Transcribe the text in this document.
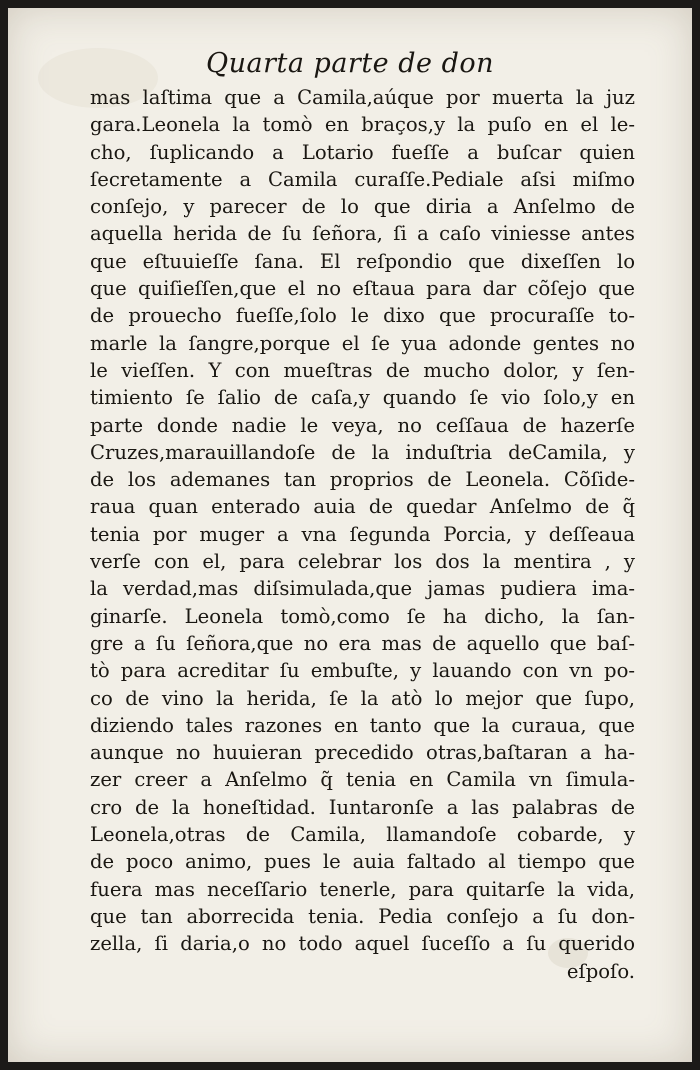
Quarta parte de don
mas laſtima que a Camila,aúque por muerta la juz
gara.Leonela la tomò en braços,y la puſo en el le-
cho, ſuplicando a Lotario fueſſe a buſcar quien
ſecretamente a Camila curaſſe.Pediale aſsi miſmo
conſejo, y parecer de lo que diria a Anſelmo de
aquella herida de ſu ſeñora, ſi a caſo viniesse antes
que eſtuuieſſe ſana. El reſpondio que dixeſſen lo
que quiſieſſen,que el no eſtaua para dar cõſejo que
de prouecho fueſſe,ſolo le dixo que procuraſſe to-
marle la ſangre,porque el ſe yua adonde gentes no
le vieſſen. Y con mueſtras de mucho dolor, y ſen-
timiento ſe ſalio de caſa,y quando ſe vio ſolo,y en
parte donde nadie le veya, no ceſſaua de hazerſe
Cruzes,marauillandoſe de la induſtria deCamila, y
de los ademanes tan proprios de Leonela. Cõſide-
raua quan enterado auia de quedar Anſelmo de q̃
tenia por muger a vna ſegunda Porcia, y deſſeaua
verſe con el, para celebrar los dos la mentira , y
la verdad,mas diſsimulada,que jamas pudiera ima-
ginarſe. Leonela tomò,como ſe ha dicho, la ſan-
gre a ſu ſeñora,que no era mas de aquello que baſ-
tò para acreditar ſu embuſte, y lauando con vn po-
co de vino la herida, ſe la atò lo mejor que ſupo,
diziendo tales razones en tanto que la curaua, que
aunque no huuieran precedido otras,baſtaran a ha-
zer creer a Anſelmo q̃ tenia en Camila vn ſimula-
cro de la honeſtidad. Iuntaronſe a las palabras de
Leonela,otras de Camila, llamandoſe cobarde, y
de poco animo, pues le auia faltado al tiempo que
fuera mas neceſſario tenerle, para quitarſe la vida,
que tan aborrecida tenia. Pedia conſejo a ſu don-
zella, ſi daria,o no todo aquel ſuceſſo a ſu querido
eſpoſo.
